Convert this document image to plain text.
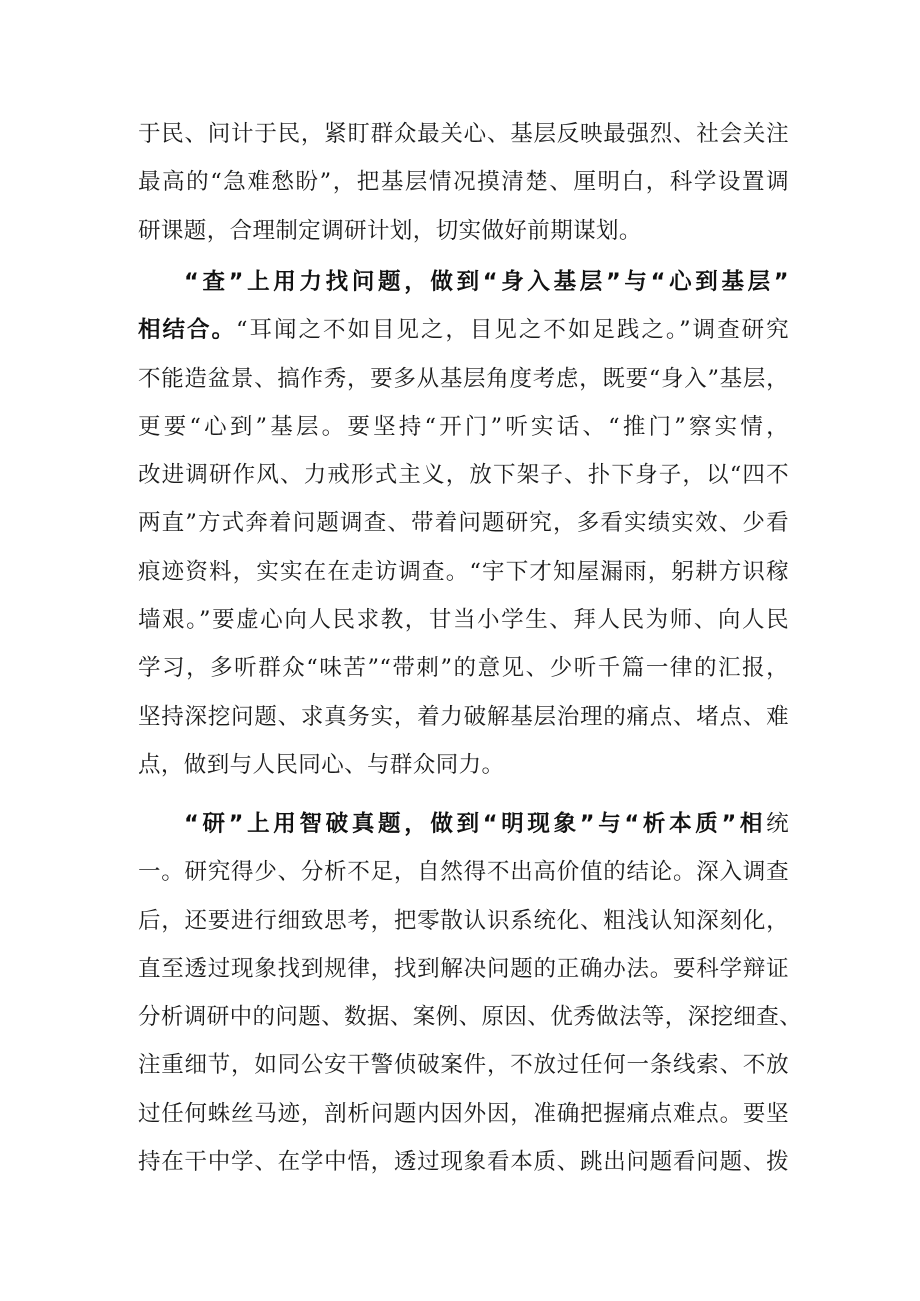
于民、问计于民，紧盯群众最关心、基层反映最强烈、社会关注
最高的“急难愁盼”，把基层情况摸清楚、厘明白，科学设置调
研课题，合理制定调研计划，切实做好前期谋划。
“查”上用力找问题，做到“身入基层”与“心到基层”
相结合。“耳闻之不如目见之，目见之不如足践之。”调查研究
不能造盆景、搞作秀，要多从基层角度考虑，既要“身入”基层，
更要“心到”基层。要坚持“开门”听实话、“推门”察实情，
改进调研作风、力戒形式主义，放下架子、扑下身子，以“四不
两直”方式奔着问题调查、带着问题研究，多看实绩实效、少看
痕迹资料，实实在在走访调查。“宇下才知屋漏雨，躬耕方识稼
墙艰。”要虚心向人民求教，甘当小学生、拜人民为师、向人民
学习，多听群众“味苦”“带刺”的意见、少听千篇一律的汇报，
坚持深挖问题、求真务实，着力破解基层治理的痛点、堵点、难
点，做到与人民同心、与群众同力。
“研”上用智破真题，做到“明现象”与“析本质”相统
一。研究得少、分析不足，自然得不出高价值的结论。深入调查
后，还要进行细致思考，把零散认识系统化、粗浅认知深刻化，
直至透过现象找到规律，找到解决问题的正确办法。要科学辩证
分析调研中的问题、数据、案例、原因、优秀做法等，深挖细查、
注重细节，如同公安干警侦破案件，不放过任何一条线索、不放
过任何蛛丝马迹，剖析问题内因外因，准确把握痛点难点。要坚
持在干中学、在学中悟，透过现象看本质、跳出问题看问题、拨
